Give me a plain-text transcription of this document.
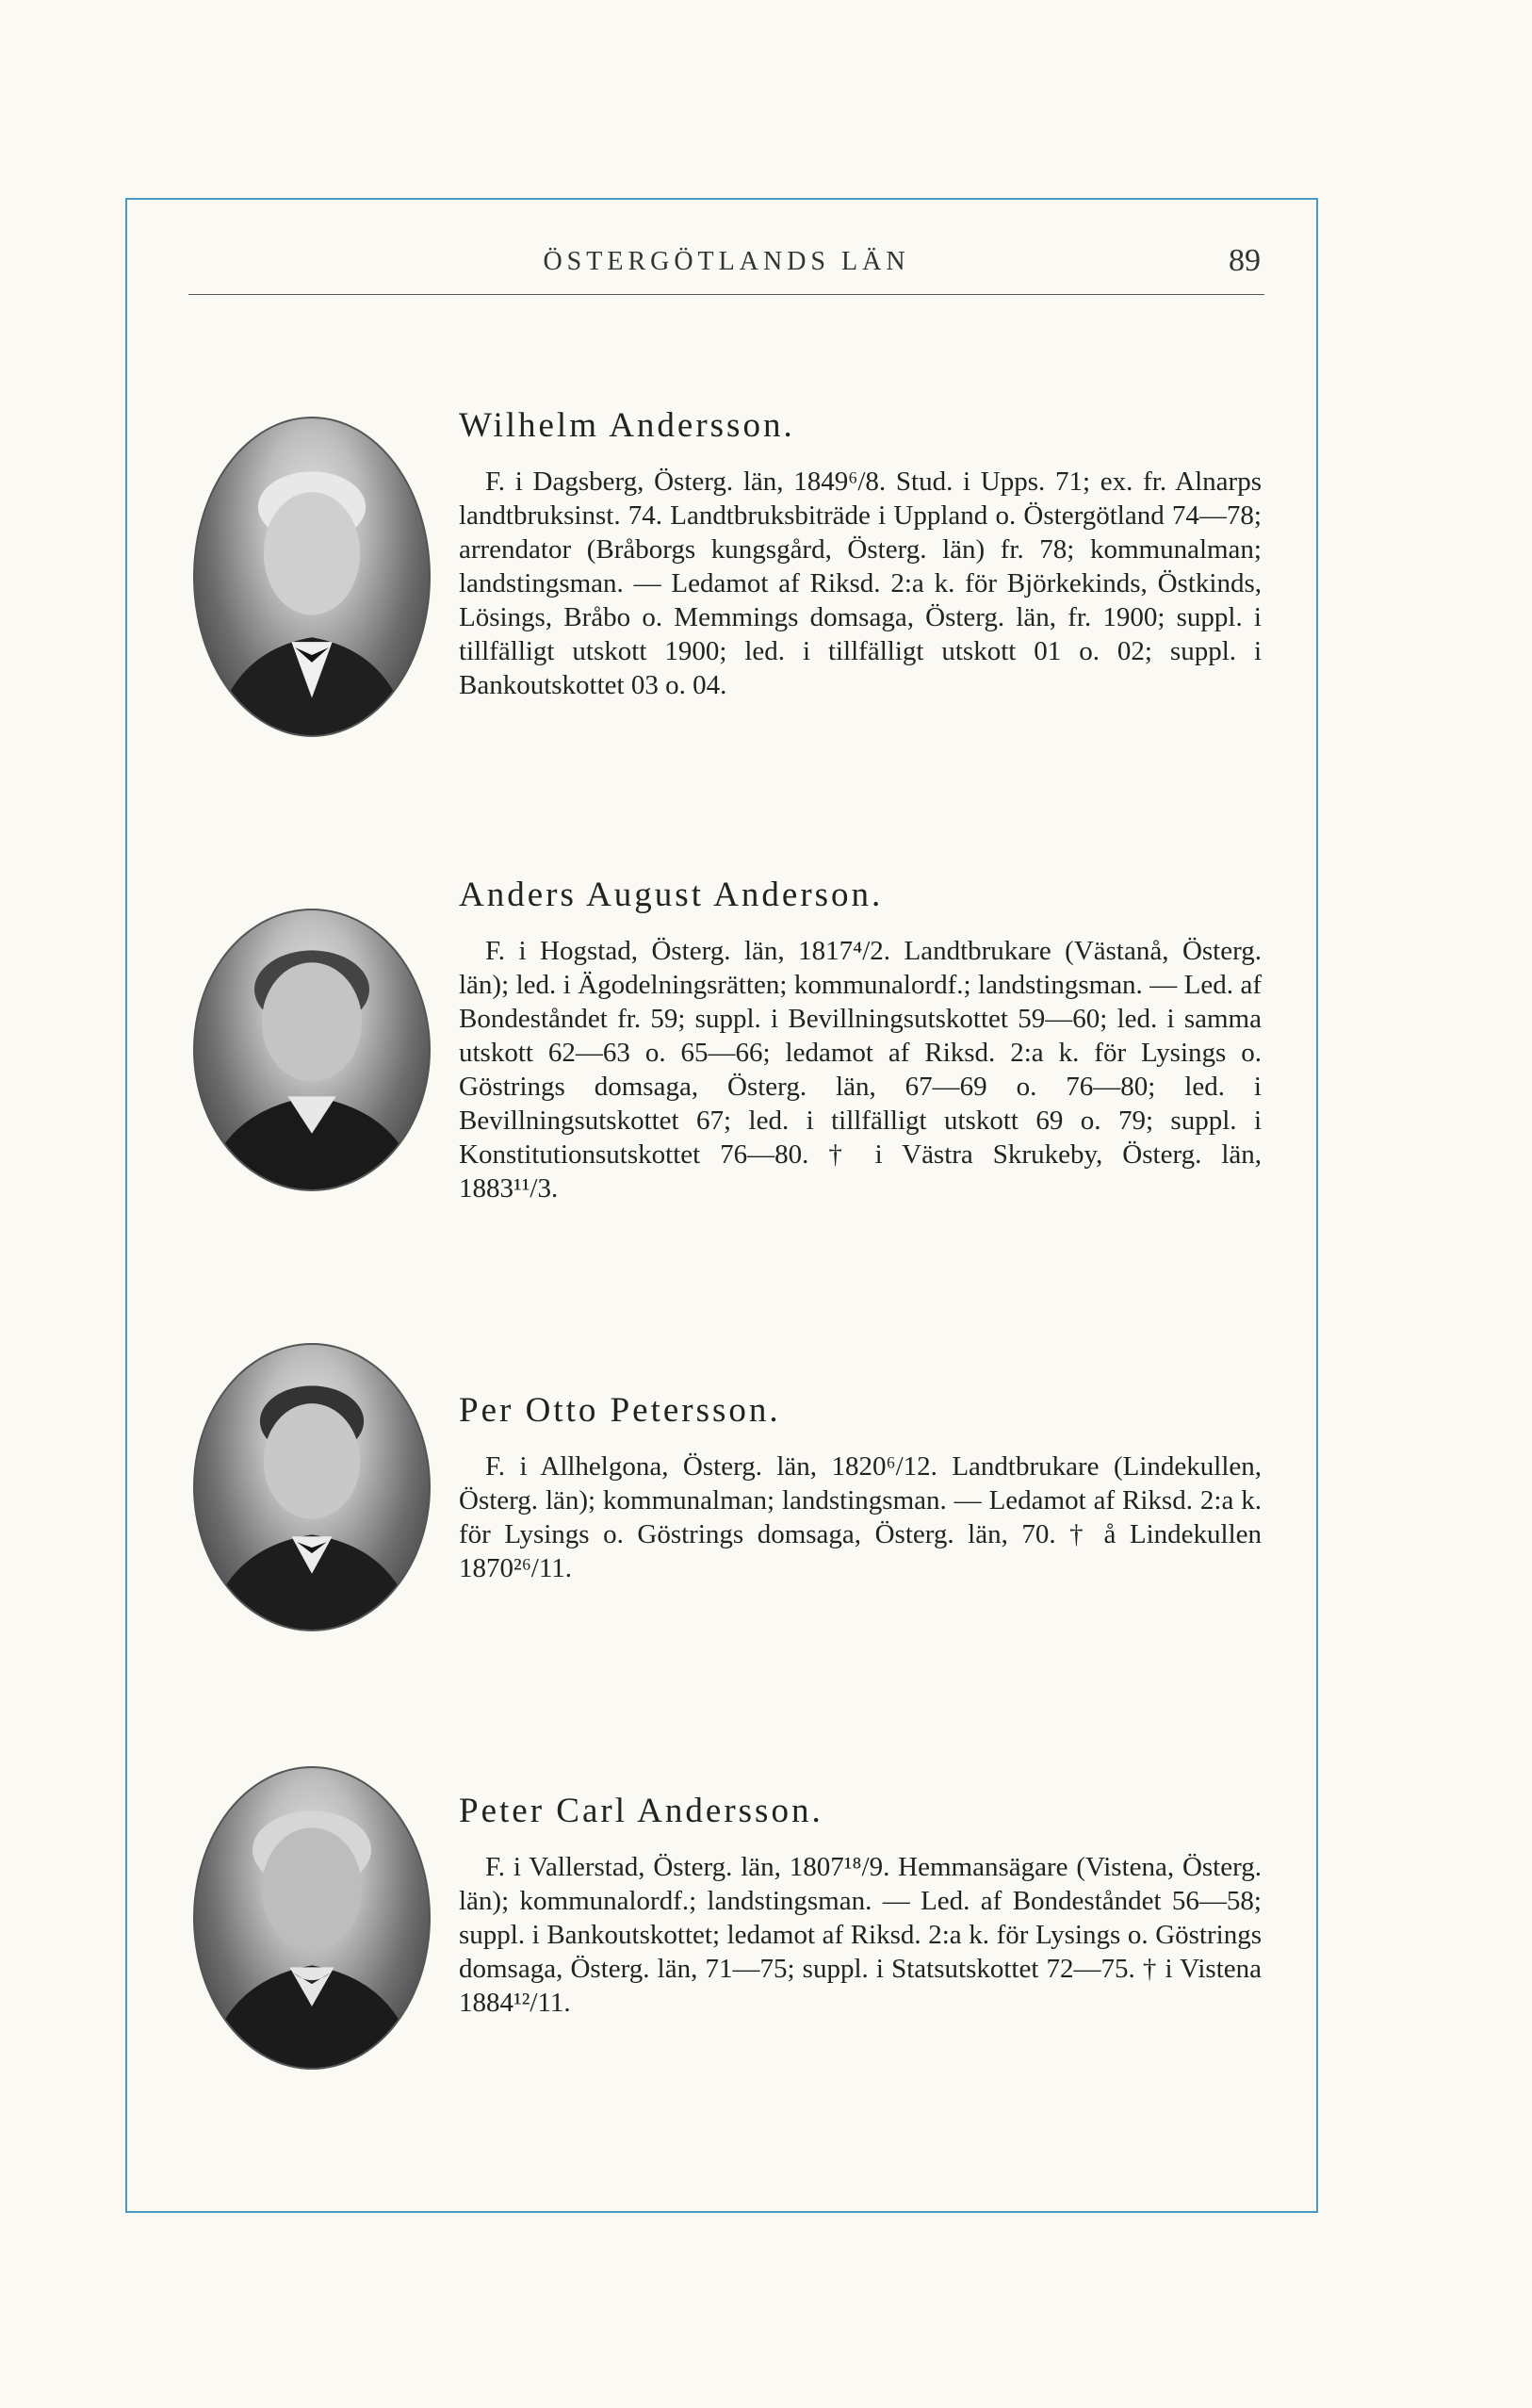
ÖSTERGÖTLANDS LÄN	89
Wilhelm Andersson.

F. i Dagsberg, Österg. län, 1849⁶/8. Stud. i Upps. 71; ex. fr. Alnarps landtbruksinst. 74. Landtbruksbiträde i Uppland o. Östergötland 74—78; arrendator (Bråborgs kungsgård, Österg. län) fr. 78; kommunalman; landstingsman. — Ledamot af Riksd. 2:a k. för Björkekinds, Östkinds, Lösings, Bråbo o. Memmings domsaga, Österg. län, fr. 1900; suppl. i tillfälligt utskott 1900; led. i tillfälligt utskott 01 o. 02; suppl. i Bankoutskottet 03 o. 04.

Anders August Anderson.

F. i Hogstad, Österg. län, 1817⁴/2. Landtbrukare (Västanå, Österg. län); led. i Ägodelningsrätten; kommunalordf.; landstingsman. — Led. af Bondeståndet fr. 59; suppl. i Bevillningsutskottet 59—60; led. i samma utskott 62—63 o. 65—66; ledamot af Riksd. 2:a k. för Lysings o. Göstrings domsaga, Österg. län, 67—69 o. 76—80; led. i Bevillningsutskottet 67; led. i tillfälligt utskott 69 o. 79; suppl. i Konstitutionsutskottet 76—80. † i Västra Skrukeby, Österg. län, 1883¹¹/3.

Per Otto Petersson.

F. i Allhelgona, Österg. län, 1820⁶/12. Landtbrukare (Lindekullen, Österg. län); kommunalman; landstingsman. — Ledamot af Riksd. 2:a k. för Lysings o. Göstrings domsaga, Österg. län, 70. † å Lindekullen 1870²⁶/11.

Peter Carl Andersson.

F. i Vallerstad, Österg. län, 1807¹⁸/9. Hemmansägare (Vistena, Österg. län); kommunalordf.; landstingsman. — Led. af Bondeståndet 56—58; suppl. i Bankoutskottet; ledamot af Riksd. 2:a k. för Lysings o. Göstrings domsaga, Österg. län, 71—75; suppl. i Statsutskottet 72—75. † i Vistena 1884¹²/11.
